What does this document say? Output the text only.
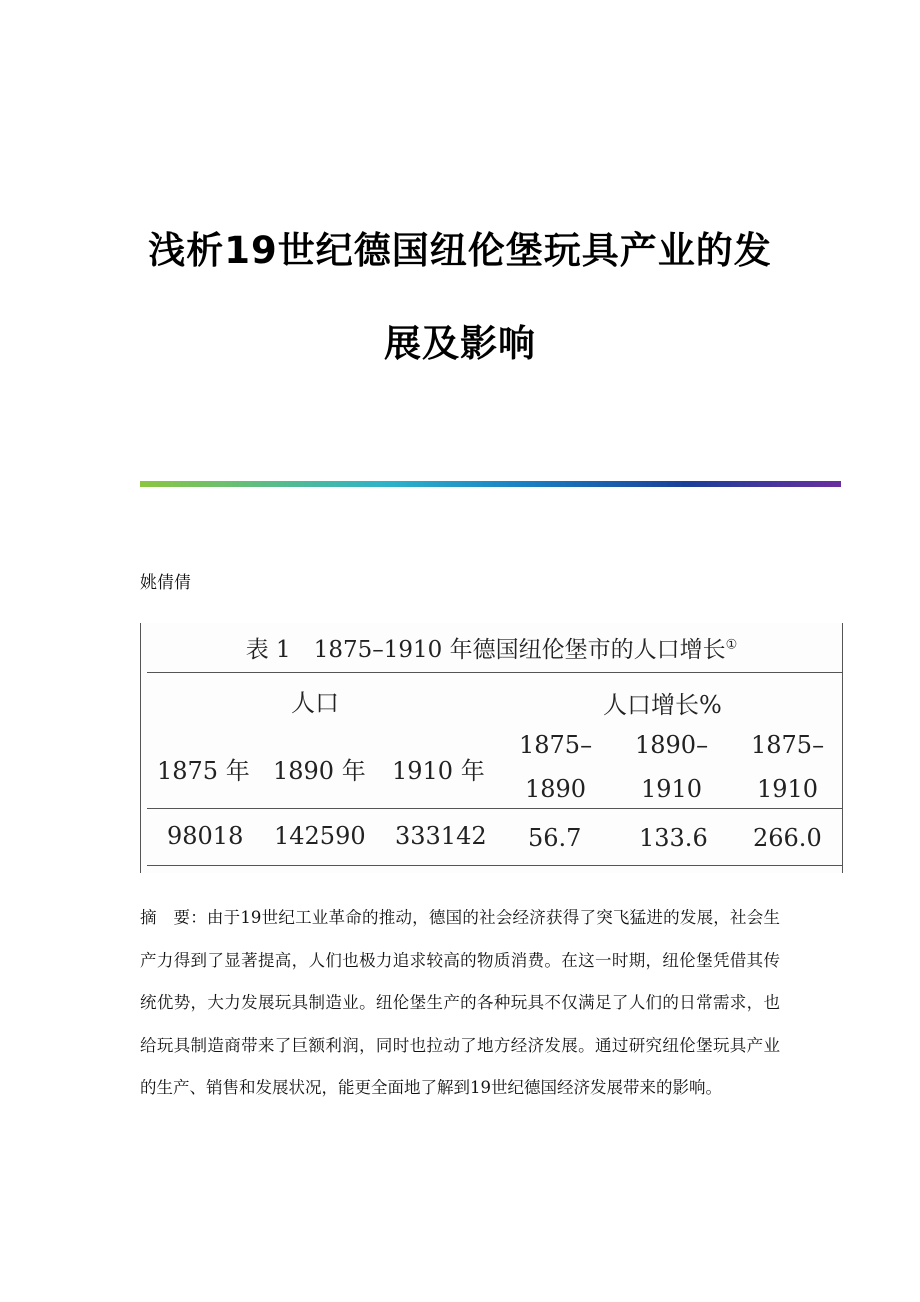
浅析19世纪德国纽伦堡玩具产业的发
展及影响
姚倩倩
表 1　1875–1910 年德国纽伦堡市的人口增长①
人口	人口增长%
1875 年 1890 年 1910 年
1875–
1890
1890–
1910
1875–
1910
98018 142590 333142 56.7 133.6 266.0
摘　要：由于19世纪工业革命的推动，德国的社会经济获得了突飞猛进的发展，社会生产力得到了显著提高，人们也极力追求较高的物质消费。在这一时期，纽伦堡凭借其传统优势，大力发展玩具制造业。纽伦堡生产的各种玩具不仅满足了人们的日常需求，也给玩具制造商带来了巨额利润，同时也拉动了地方经济发展。通过研究纽伦堡玩具产业的生产、销售和发展状况，能更全面地了解到19世纪德国经济发展带来的影响。
